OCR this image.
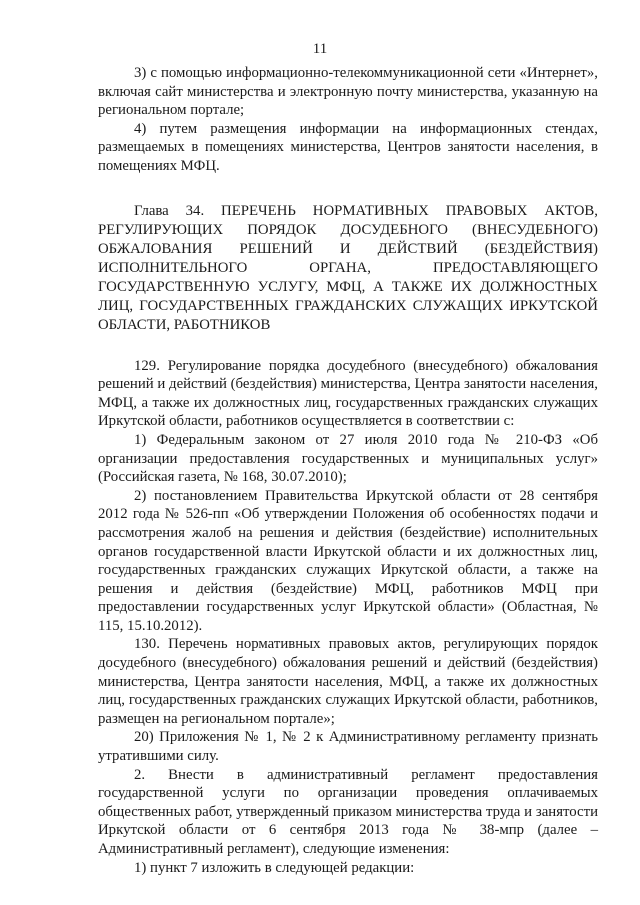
11

3) с помощью информационно-телекоммуникационной сети «Интернет», включая сайт министерства и электронную почту министерства, указанную на региональном портале;

4) путем размещения информации на информационных стендах, размещаемых в помещениях министерства, Центров занятости населения, в помещениях МФЦ.

Глава 34. ПЕРЕЧЕНЬ НОРМАТИВНЫХ ПРАВОВЫХ АКТОВ, РЕГУЛИРУЮЩИХ ПОРЯДОК ДОСУДЕБНОГО (ВНЕСУДЕБНОГО) ОБЖАЛОВАНИЯ РЕШЕНИЙ И ДЕЙСТВИЙ (БЕЗДЕЙСТВИЯ) ИСПОЛНИТЕЛЬНОГО ОРГАНА, ПРЕДОСТАВЛЯЮЩЕГО ГОСУДАРСТВЕННУЮ УСЛУГУ, МФЦ, А ТАКЖЕ ИХ ДОЛЖНОСТНЫХ ЛИЦ, ГОСУДАРСТВЕННЫХ ГРАЖДАНСКИХ СЛУЖАЩИХ ИРКУТСКОЙ ОБЛАСТИ, РАБОТНИКОВ

129. Регулирование порядка досудебного (внесудебного) обжалования решений и действий (бездействия) министерства, Центра занятости населения, МФЦ, а также их должностных лиц, государственных гражданских служащих Иркутской области, работников осуществляется в соответствии с:

1) Федеральным законом от 27 июля 2010 года № 210-ФЗ «Об организации предоставления государственных и муниципальных услуг» (Российская газета, № 168, 30.07.2010);

2) постановлением Правительства Иркутской области от 28 сентября 2012 года № 526-пп «Об утверждении Положения об особенностях подачи и рассмотрения жалоб на решения и действия (бездействие) исполнительных органов государственной власти Иркутской области и их должностных лиц, государственных гражданских служащих Иркутской области, а также на решения и действия (бездействие) МФЦ, работников МФЦ при предоставлении государственных услуг Иркутской области» (Областная, № 115, 15.10.2012).

130. Перечень нормативных правовых актов, регулирующих порядок досудебного (внесудебного) обжалования решений и действий (бездействия) министерства, Центра занятости населения, МФЦ, а также их должностных лиц, государственных гражданских служащих Иркутской области, работников, размещен на региональном портале»;

20) Приложения № 1, № 2 к Административному регламенту признать утратившими силу.

2. Внести в административный регламент предоставления государственной услуги по организации проведения оплачиваемых общественных работ, утвержденный приказом министерства труда и занятости Иркутской области от 6 сентября 2013 года № 38-мпр (далее – Административный регламент), следующие изменения:

1) пункт 7 изложить в следующей редакции:
